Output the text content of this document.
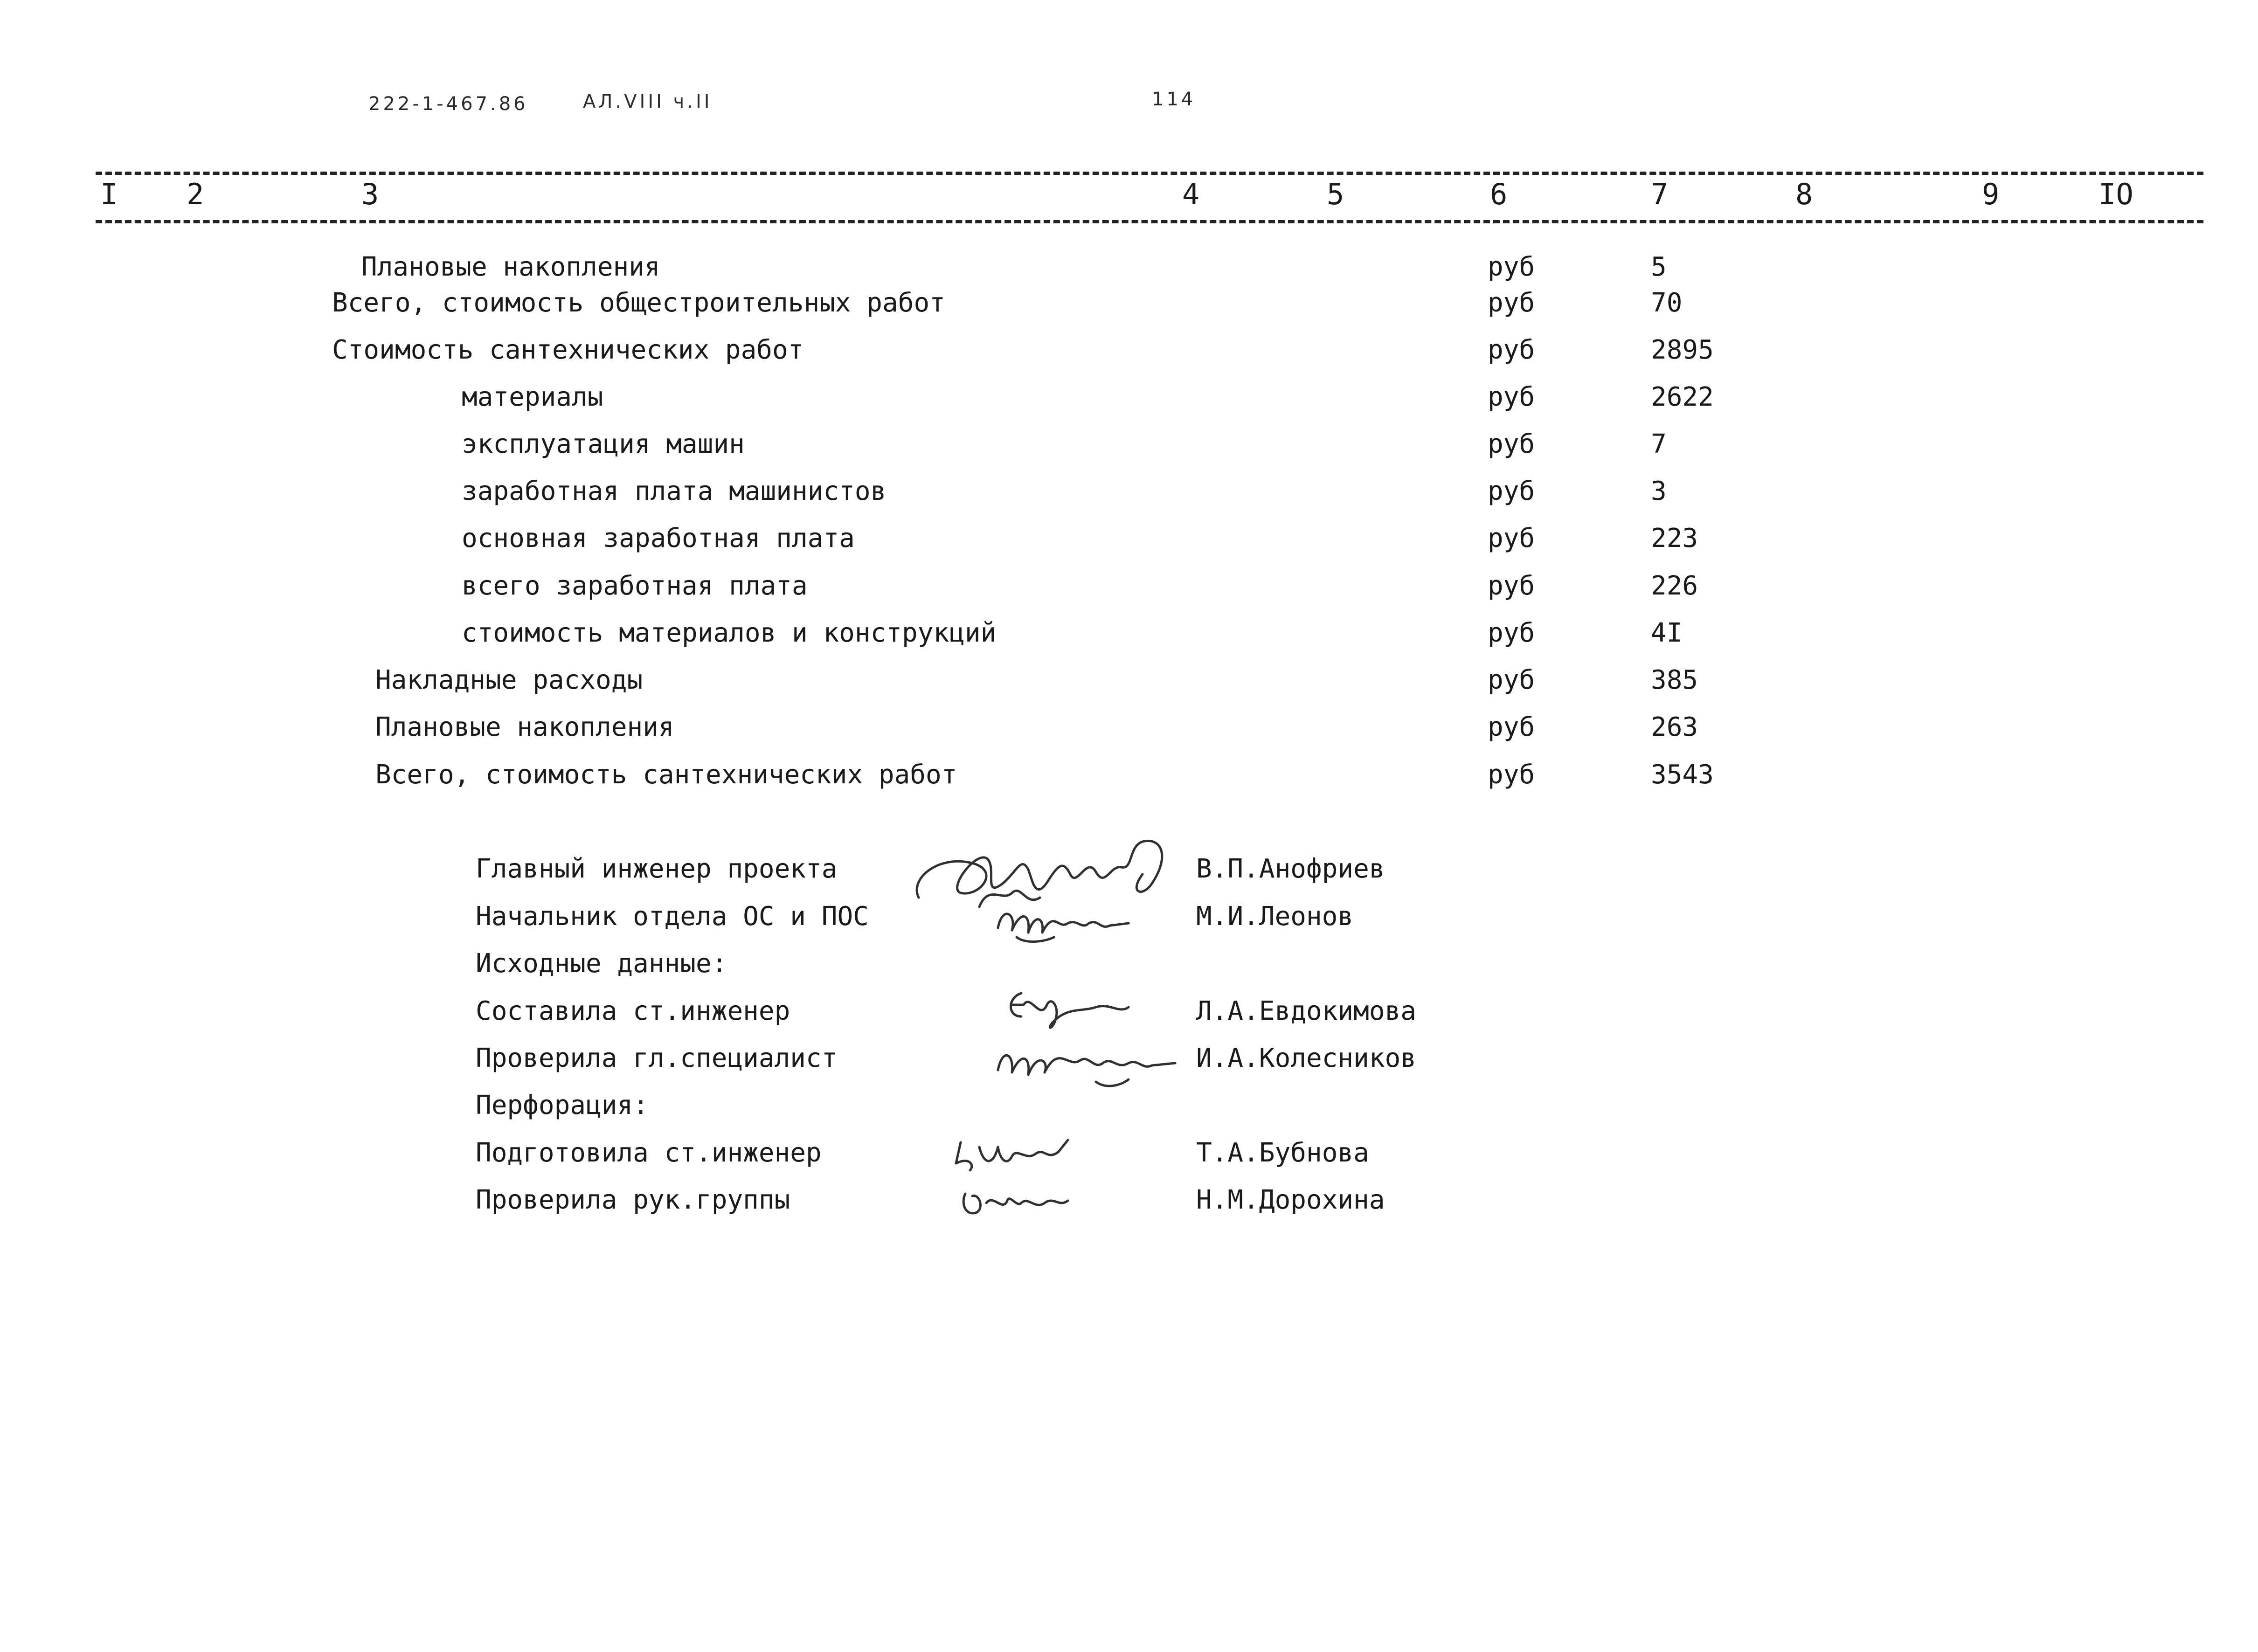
222-1-467.86	АЛ.VIII ч.II	114
I 2	3	4	5	6	7	8	9	IO
Плановые накопления	руб	5
Всего, стоимость общестроительных работ	руб	70
Стоимость сантехнических работ	руб	2895
материалы	руб	2622
эксплуатация машин	руб	7
заработная плата машинистов	руб	3
основная заработная плата	руб	223
всего заработная плата	руб	226
стоимость материалов и конструкций	руб	4I
Накладные расходы	руб	385
Плановые накопления	руб	263
Всего, стоимость сантехнических работ	руб	3543
Главный инженер проекта	В.П.Анофриев
Начальник отдела ОС и ПОС	М.И.Леонов
Исходные данные:
Составила ст.инженер	Л.А.Евдокимова
Проверила гл.специалист	И.А.Колесников
Перфорация:
Подготовила ст.инженер	Т.А.Бубнова
Проверила рук.группы	Н.М.Дорохина
